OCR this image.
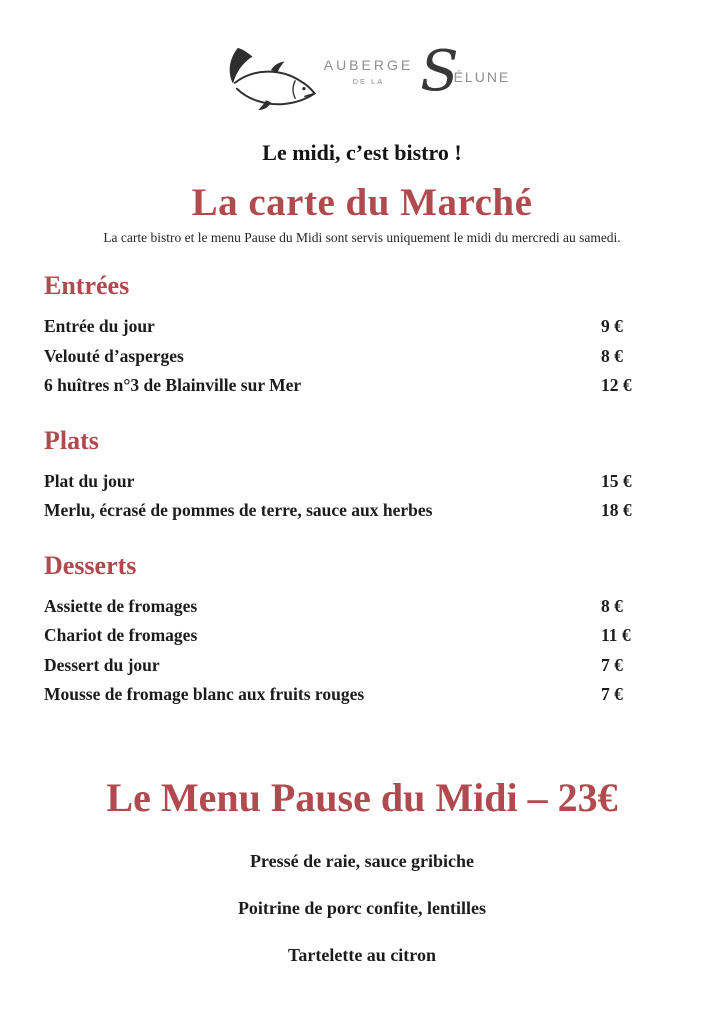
AUBERGE
DE LA S
ÉLUNE
Le midi, c’est bistro !
La carte du Marché
La carte bistro et le menu Pause du Midi sont servis uniquement le midi du mercredi au samedi.
Entrées
Entrée du jour	9 €
Velouté d’asperges	8 €
6 huîtres n°3 de Blainville sur Mer	12 €
Plats
Plat du jour	15 €
Merlu, écrasé de pommes de terre, sauce aux herbes	18 €
Desserts
Assiette de fromages	8 €
Chariot de fromages	11 €
Dessert du jour	7 €
Mousse de fromage blanc aux fruits rouges	7 €
Le Menu Pause du Midi – 23€
Pressé de raie, sauce gribiche
Poitrine de porc confite, lentilles
Tartelette au citron
